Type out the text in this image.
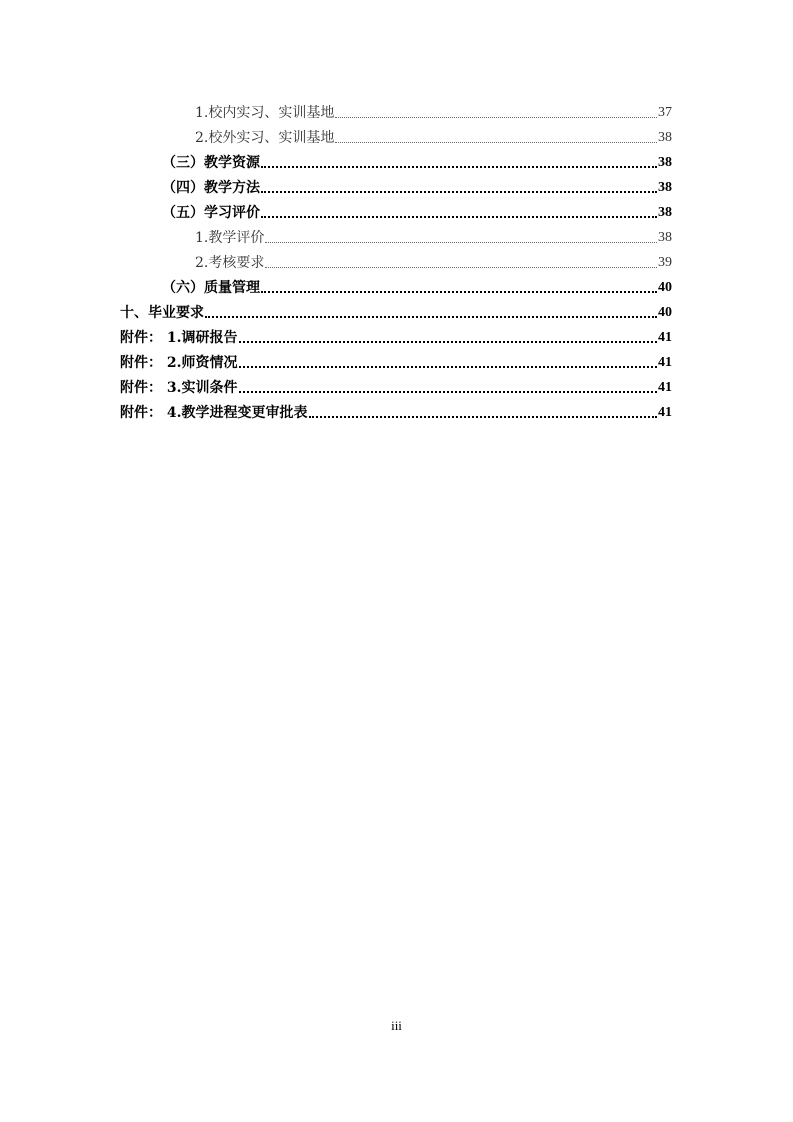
1.校内实习、实训基地	37
2.校外实习、实训基地	38
（三）教学资源	38
（四）教学方法	38
（五）学习评价	38
1.教学评价	38
2.考核要求	39
（六）质量管理	40
十、毕业要求	40
附件： 1.调研报告	41
附件： 2.师资情况	41
附件： 3.实训条件	41
附件： 4.教学进程变更审批表	41
iii
